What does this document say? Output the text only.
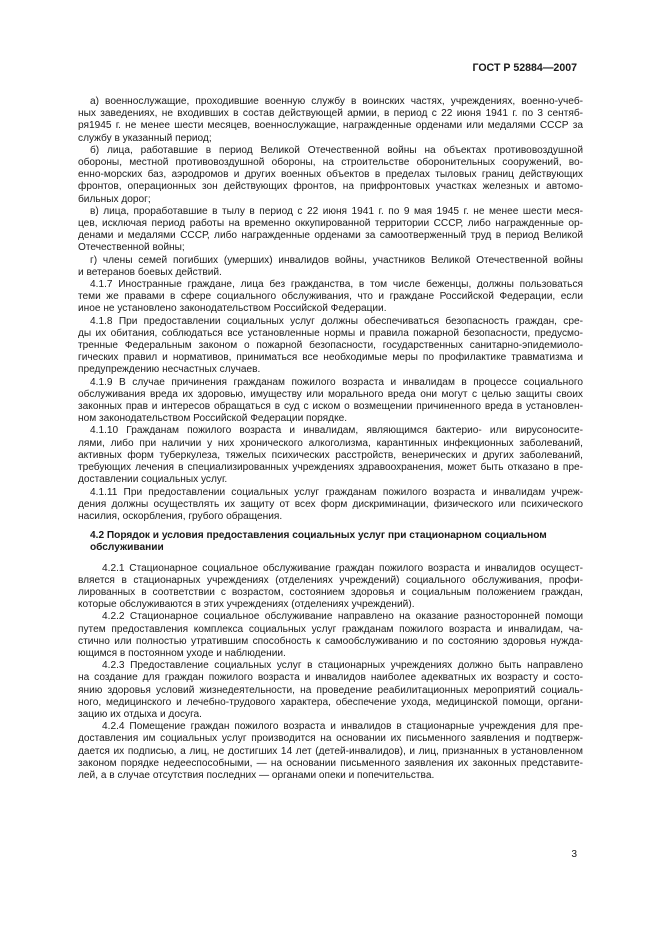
ГОСТ Р 52884—2007

а) военнослужащие, проходившие военную службу в воинских частях, учреждениях, военно-учеб-

ных заведениях, не входивших в состав действующей армии, в период с 22 июня 1941 г. по 3 сентяб-

ря1945 г. не менее шести месяцев, военнослужащие, награжденные орденами или медалями СССР за

службу в указанный период;

б) лица, работавшие в период Великой Отечественной войны на объектах противовоздушной

обороны, местной противовоздушной обороны, на строительстве оборонительных сооружений, во-

енно-морских баз, аэродромов и других военных объектов в пределах тыловых границ действующих

фронтов, операционных зон действующих фронтов, на прифронтовых участках железных и автомо-

бильных дорог;

в) лица, проработавшие в тылу в период с 22 июня 1941 г. по 9 мая 1945 г. не менее шести меся-

цев, исключая период работы на временно оккупированной территории СССР, либо награжденные ор-

денами и медалями СССР, либо награжденные орденами за самоотверженный труд в период Великой

Отечественной войны;

г) члены семей погибших (умерших) инвалидов войны, участников Великой Отечественной войны

и ветеранов боевых действий.

4.1.7 Иностранные граждане, лица без гражданства, в том числе беженцы, должны пользоваться

теми же правами в сфере социального обслуживания, что и граждане Российской Федерации, если

иное не установлено законодательством Российской Федерации.

4.1.8 При предоставлении социальных услуг должны обеспечиваться безопасность граждан, сре-

ды их обитания, соблюдаться все установленные нормы и правила пожарной безопасности, предусмо-

тренные Федеральным законом о пожарной безопасности, государственных санитарно-эпидемиоло-

гических правил и нормативов, приниматься все необходимые меры по профилактике травматизма и

предупреждению несчастных случаев.

4.1.9 В случае причинения гражданам пожилого возраста и инвалидам в процессе социального

обслуживания вреда их здоровью, имуществу или морального вреда они могут с целью защиты своих

законных прав и интересов обращаться в суд с иском о возмещении причиненного вреда в установлен-

ном законодательством Российской Федерации порядке.

4.1.10 Гражданам пожилого возраста и инвалидам, являющимся бактерио- или вирусоносите-

лями, либо при наличии у них хронического алкоголизма, карантинных инфекционных заболеваний,

активных форм туберкулеза, тяжелых психических расстройств, венерических и других заболеваний,

требующих лечения в специализированных учреждениях здравоохранения, может быть отказано в пре-

доставлении социальных услуг.

4.1.11 При предоставлении социальных услуг гражданам пожилого возраста и инвалидам учреж-

дения должны осуществлять их защиту от всех форм дискриминации, физического или психического

насилия, оскорбления, грубого обращения.

4.2 Порядок и условия предоставления социальных услуг при стационарном социальном

обслуживании

4.2.1 Стационарное социальное обслуживание граждан пожилого возраста и инвалидов осущест-

вляется в стационарных учреждениях (отделениях учреждений) социального обслуживания, профи-

лированных в соответствии с возрастом, состоянием здоровья и социальным положением граждан,

которые обслуживаются в этих учреждениях (отделениях учреждений).

4.2.2 Стационарное социальное обслуживание направлено на оказание разносторонней помощи

путем предоставления комплекса социальных услуг гражданам пожилого возраста и инвалидам, ча-

стично или полностью утратившим способность к самообслуживанию и по состоянию здоровья нужда-

ющимся в постоянном уходе и наблюдении.

4.2.3 Предоставление социальных услуг в стационарных учреждениях должно быть направлено

на создание для граждан пожилого возраста и инвалидов наиболее адекватных их возрасту и состо-

янию здоровья условий жизнедеятельности, на проведение реабилитационных мероприятий социаль-

ного, медицинского и лечебно-трудового характера, обеспечение ухода, медицинской помощи, органи-

зацию их отдыха и досуга.

4.2.4 Помещение граждан пожилого возраста и инвалидов в стационарные учреждения для пре-

доставления им социальных услуг производится на основании их письменного заявления и подтверж-

дается их подписью, а лиц, не достигших 14 лет (детей-инвалидов), и лиц, признанных в установленном

законом порядке недееспособными, — на основании письменного заявления их законных представите-

лей, а в случае отсутствия последних — органами опеки и попечительства.

3
